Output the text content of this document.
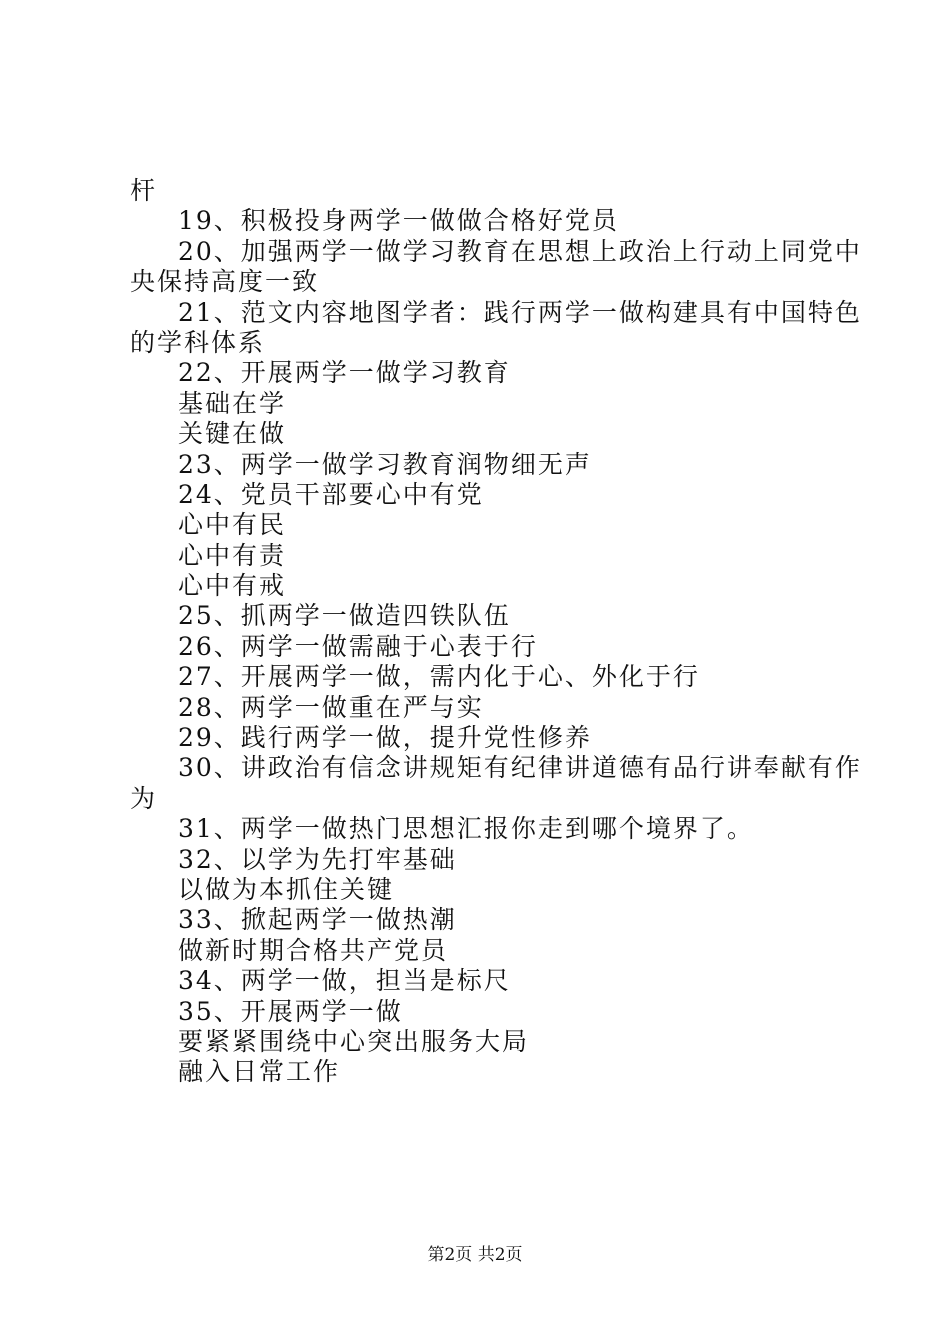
杆
19、积极投身两学一做做合格好党员
20、加强两学一做学习教育在思想上政治上行动上同党中
央保持高度一致
21、范文内容地图学者：践行两学一做构建具有中国特色
的学科体系
22、开展两学一做学习教育
基础在学
关键在做
23、两学一做学习教育润物细无声
24、党员干部要心中有党
心中有民
心中有责
心中有戒
25、抓两学一做造四铁队伍
26、两学一做需融于心表于行
27、开展两学一做，需内化于心、外化于行
28、两学一做重在严与实
29、践行两学一做，提升党性修养
30、讲政治有信念讲规矩有纪律讲道德有品行讲奉献有作
为
31、两学一做热门思想汇报你走到哪个境界了。
32、以学为先打牢基础
以做为本抓住关键
33、掀起两学一做热潮
做新时期合格共产党员
34、两学一做，担当是标尺
35、开展两学一做
要紧紧围绕中心突出服务大局
融入日常工作
第2页 共2页
